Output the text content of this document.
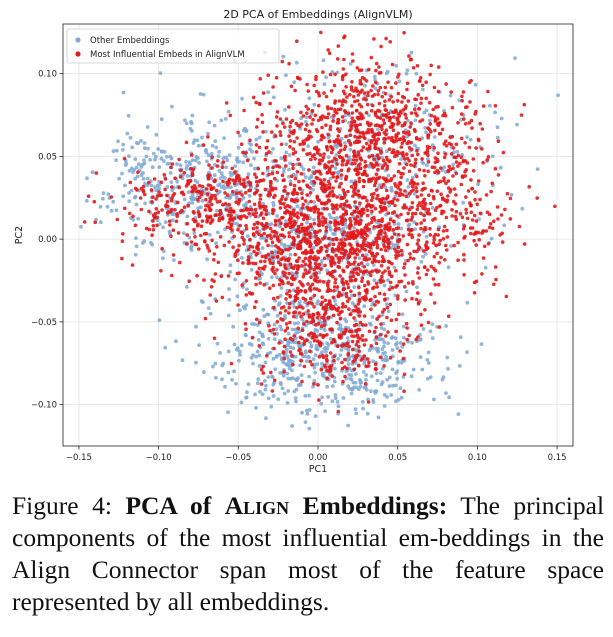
−0.15	−0.10	−0.05	0.00	0.05	0.10	0.15
−0.10
−0.05
0.00
0.05
0.10
2D PCA of Embeddings (AlignVLM)
PC1
PC2
Other Embeddings
Most Influential Embeds in AlignVLM
Figure 4: PCA of Align Embeddings: The principal components of the most influential em-beddings in the Align Connector span most of the feature space represented by all embeddings.
